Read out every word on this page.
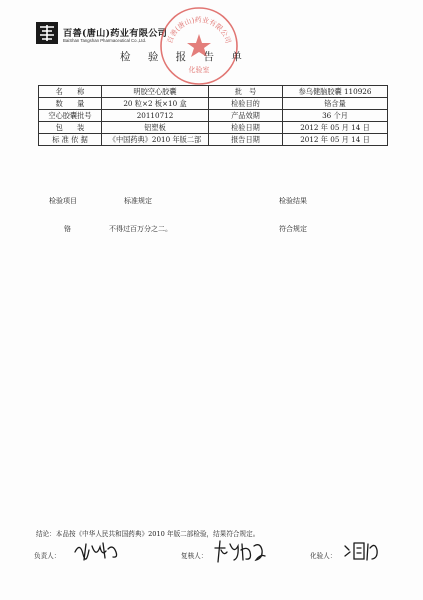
百善(唐山)药业有限公司
BaiShan Tangshan Pharmaceutical Co.,Ltd.	百善(唐山)药业有限公司
化验室
检 验 报 告 单
名　　称	明胶空心胶囊	批　号	参乌健脑胶囊 110926
数　　量	20 粒×2 板×10 盒	检验目的	铬含量
空心胶囊批号	20110712	产品效期	36 个月
包　　装	铝塑板	检验日期	2012 年 05 月 14 日
标 准 依 据	《中国药典》2010 年版二部	报告日期	2012 年 05 月 14 日
检验项目	标准规定	检验结果
铬	不得过百万分之二。	符合规定
结论：本品按《中华人民共和国药典》2010 年版二部检验，结果符合规定。
负责人：	复核人：	化验人：
